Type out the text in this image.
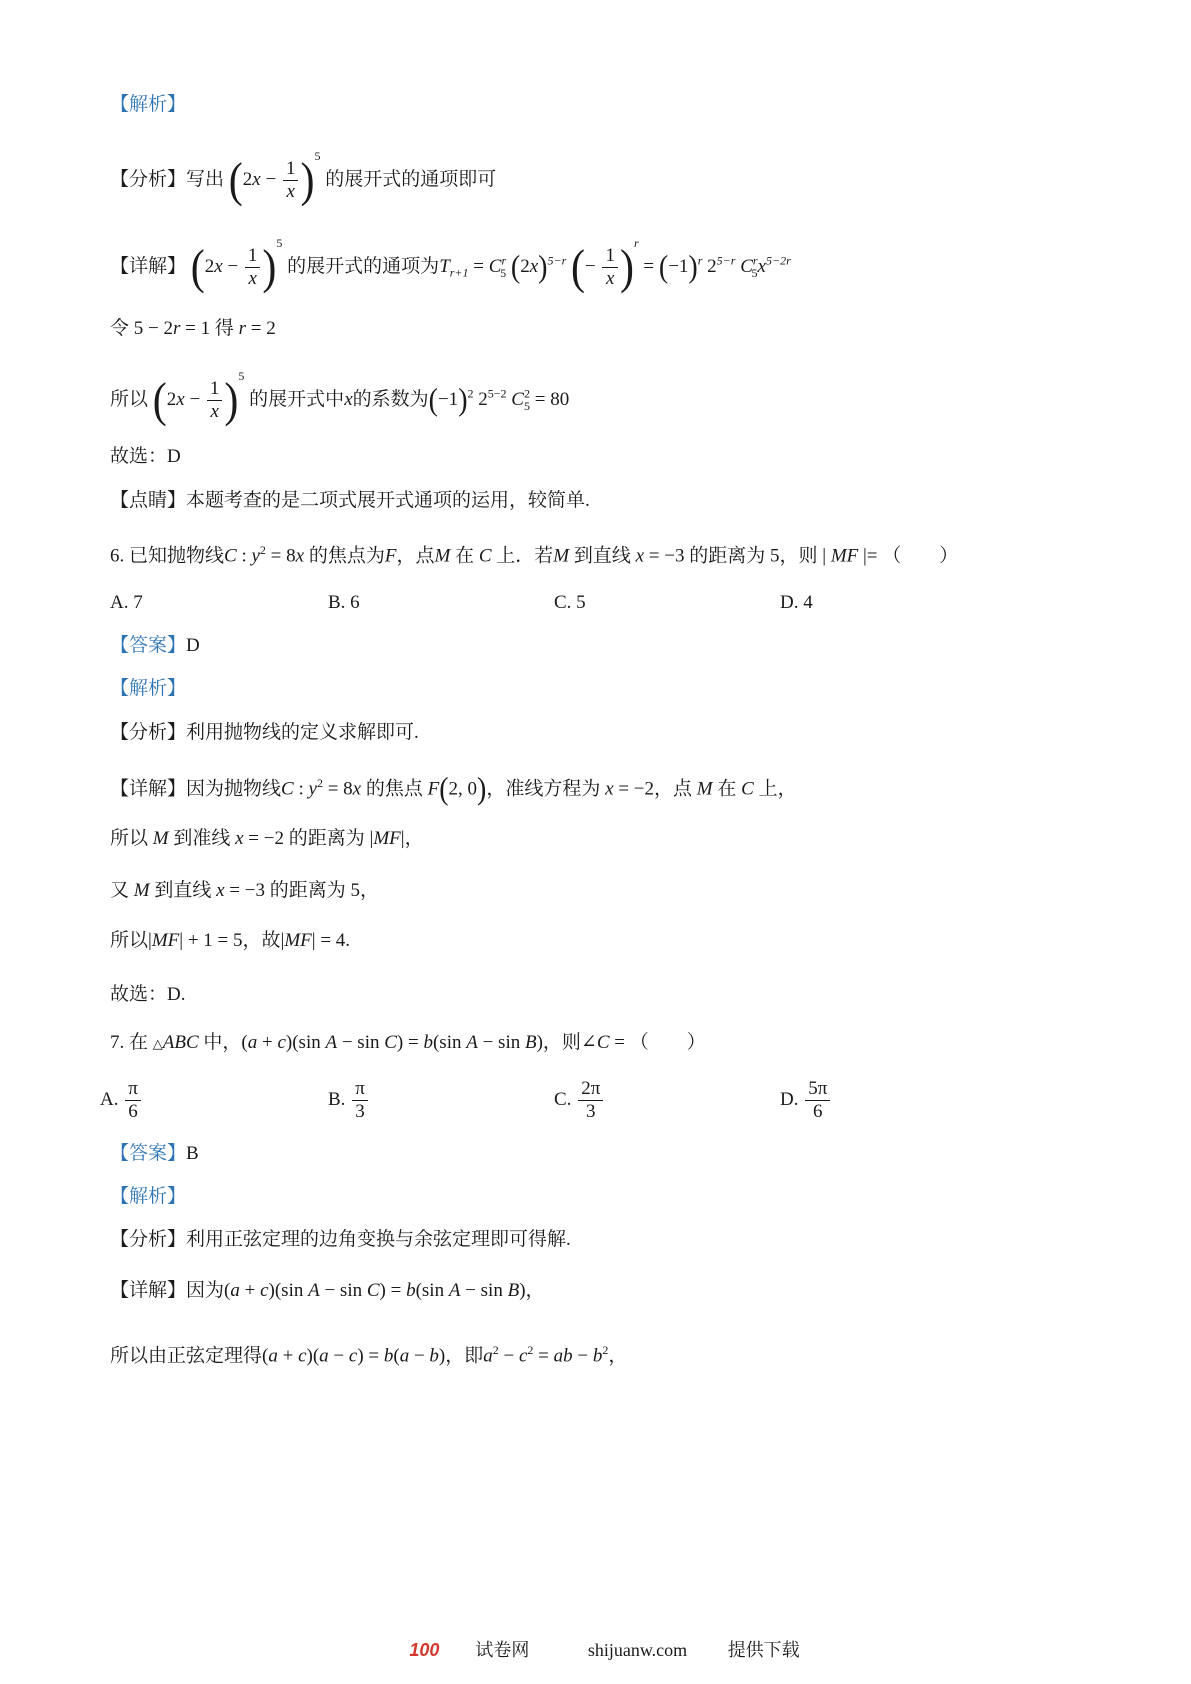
【解析】
【分析】写出 $(2x - \frac{1}{x} )^5$ 的展开式的通项即可
【详解】 $(2x - \frac{1}{x} )^5$ 的展开式的通项为$T_{r+1} = C^r_5$ $(2x)^{5-r}$ (− $\frac{1}{x} )^r = (-1)^r$ $2^{5-r}$ $C^r_5x^{5-2r}$
令 5 − 2r = 1 得 r = 2
所以 $(2x - \frac{1}{x} )^5$ 的展开式中x的系数为$(-1)^2$ $2^{5-2}$ $C^2_5 = 80$
故选：D
【点睛】本题考查的是二项式展开式通项的运用，较简单.
6. 已知抛物线C : $y^2 = 8x$ 的焦点为F，点M 在 C 上．若M 到直线 x = −3 的距离为 5，则 | MF |= （　　）
A. 7	B. 6	C. 5	D. 4
【答案】D
【解析】
【分析】利用抛物线的定义求解即可.
【详解】因为抛物线C : $y^2 = 8x$ 的焦点 F(2, 0)，准线方程为 x = −2，点 M 在 C 上，
所以 M 到准线 x = −2 的距离为 |MF|，
又 M 到直线 x = −3 的距离为 5，
所以|MF| + 1 = 5，故|MF| = 4.
故选：D.
7. 在 △ABC 中，(a + c)(sin A − sin C) = b(sin A − sin B)，则∠C = （　　）
A. $\frac{\pi}{6}$	B. $\frac{\pi}{3}$	C. $\frac{2\pi}{3}$	D. $\frac{5\pi}{6}$
【答案】B
【解析】
【分析】利用正弦定理的边角变换与余弦定理即可得解.
【详解】因为(a + c)(sin A − sin C) = b(sin A − sin B)，
所以由正弦定理得(a + c)(a − c) = b(a − b)，即$a^2 - c^2$ = ab − $b^2$，
100 试卷网	shijuanw.com 提供下载
